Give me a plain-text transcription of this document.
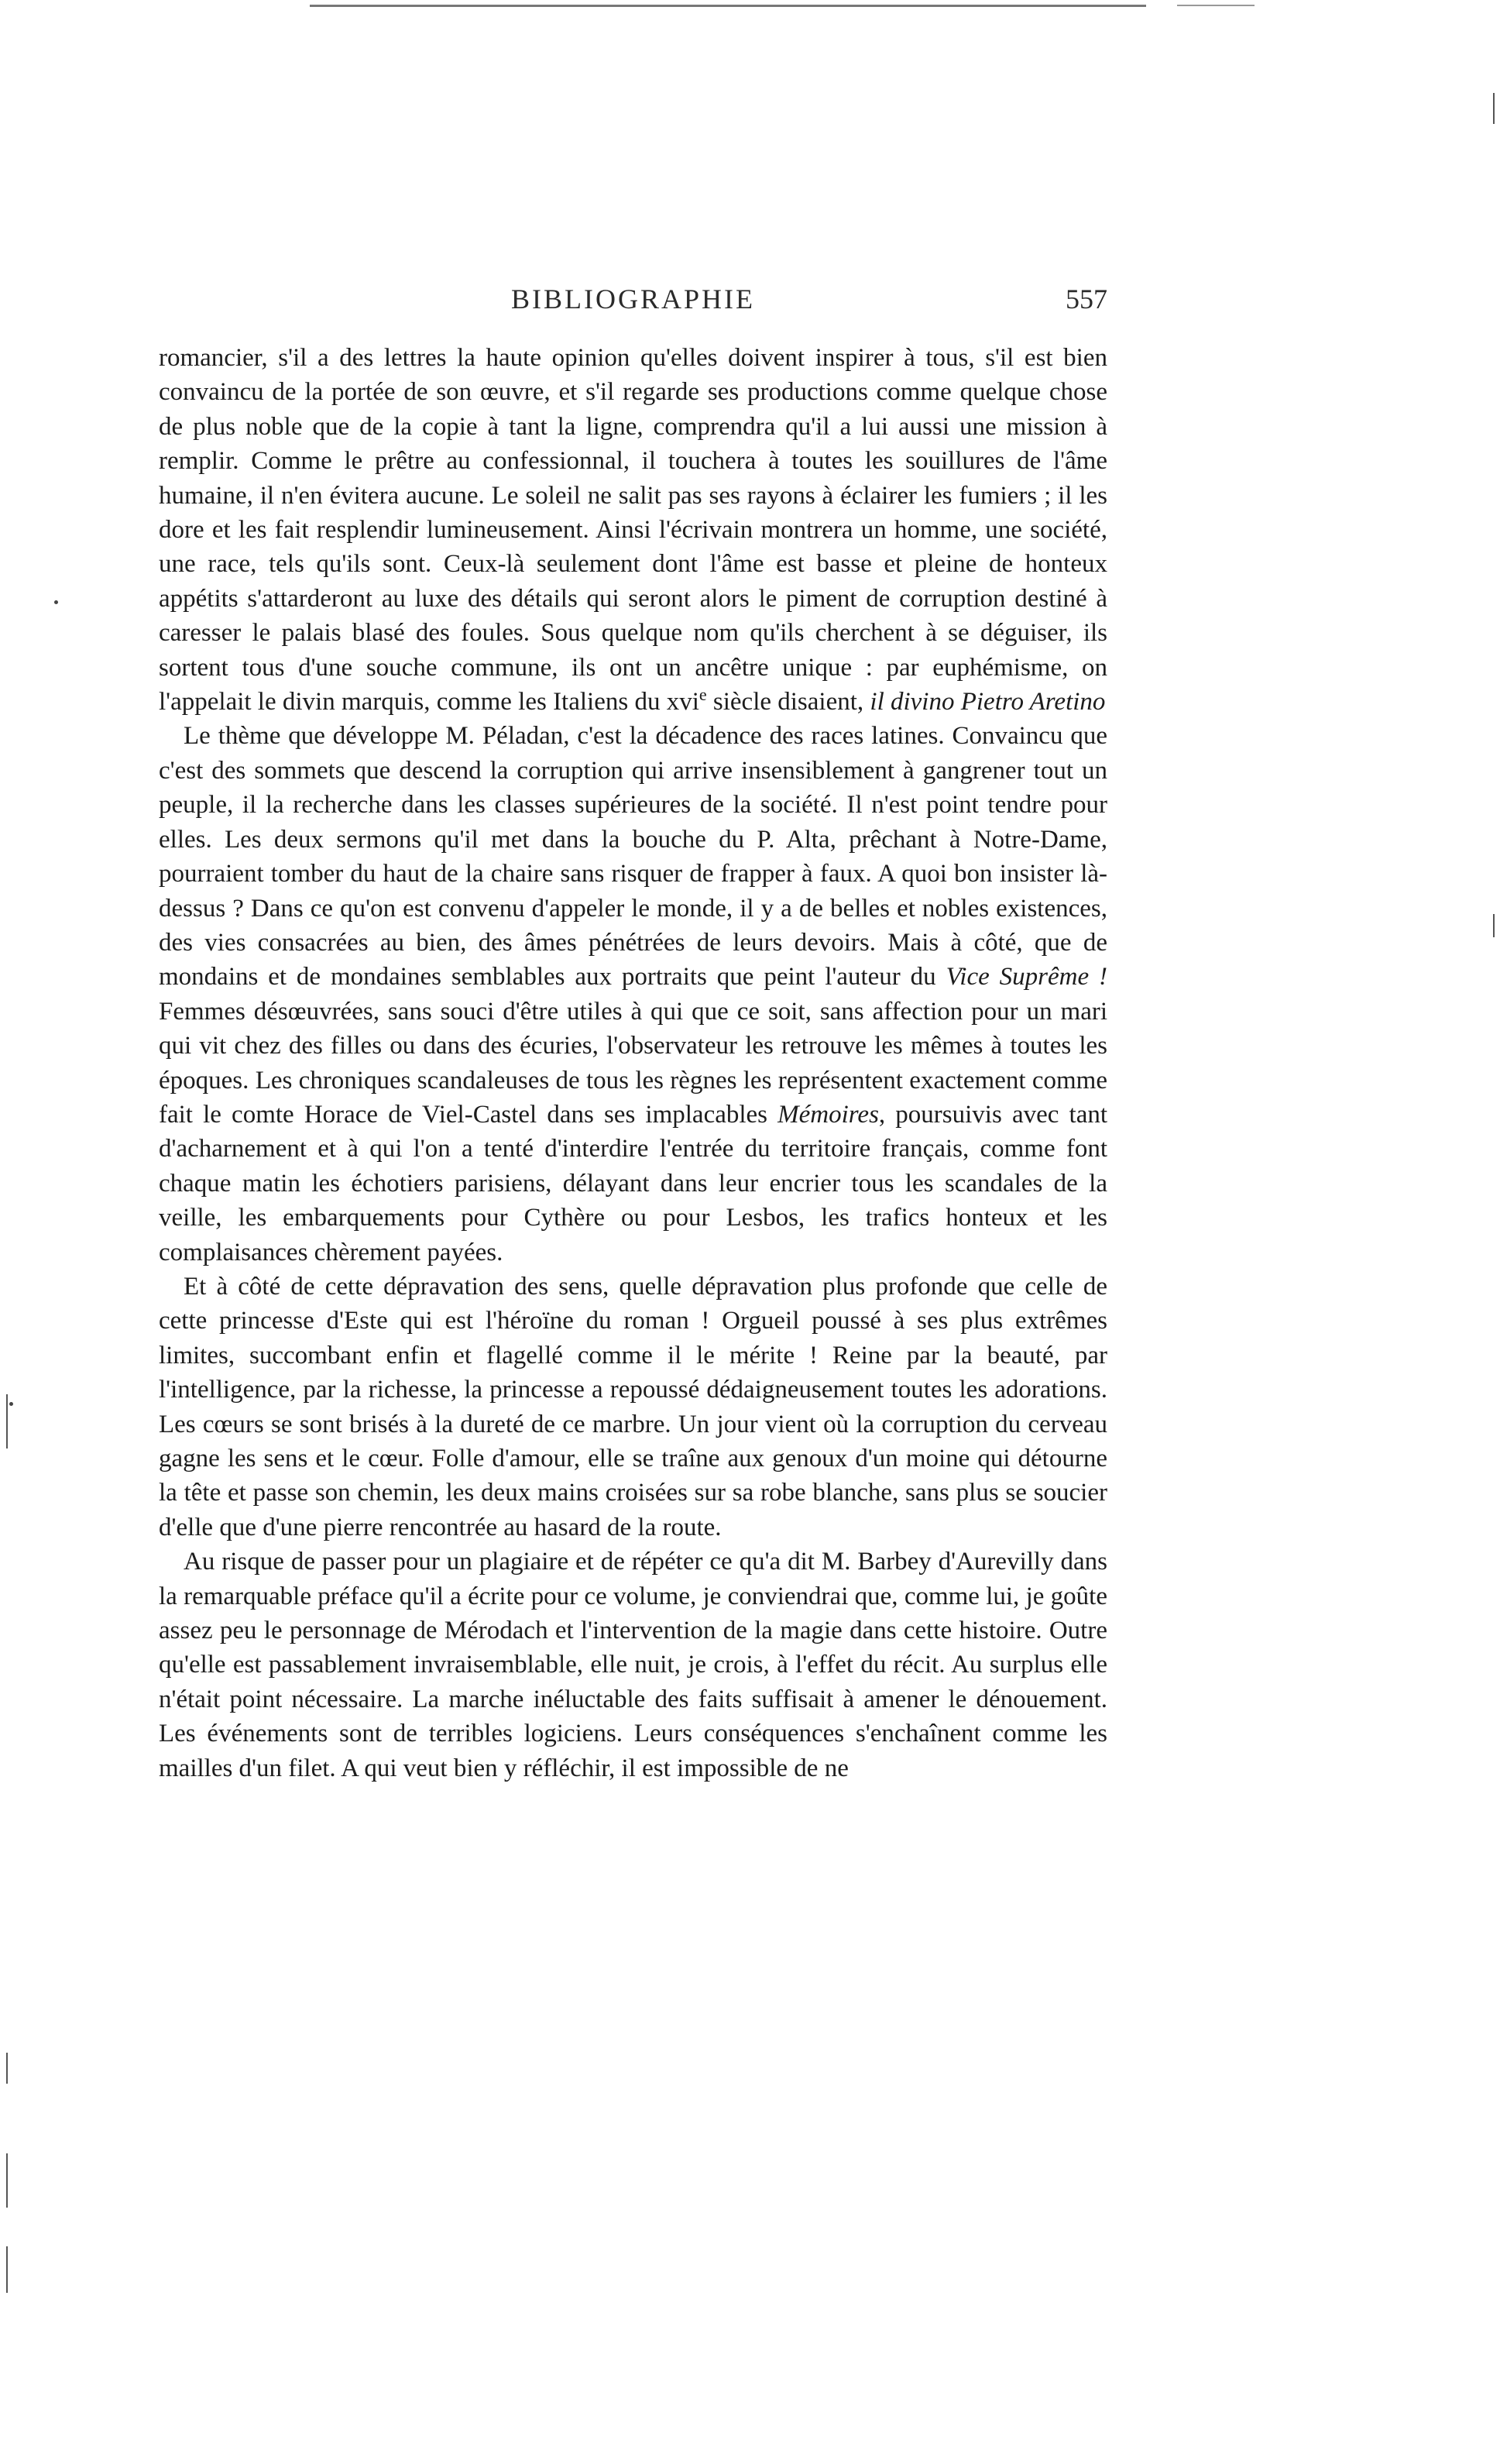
BIBLIOGRAPHIE	557

romancier, s'il a des lettres la haute opinion qu'elles doivent inspirer à tous, s'il est bien convaincu de la portée de son œuvre, et s'il regarde ses productions comme quelque chose de plus noble que de la copie à tant la ligne, comprendra qu'il a lui aussi une mission à remplir. Comme le prêtre au confessionnal, il touchera à toutes les souillures de l'âme humaine, il n'en évitera aucune. Le soleil ne salit pas ses rayons à éclairer les fumiers ; il les dore et les fait resplendir lumineusement. Ainsi l'écrivain montrera un homme, une société, une race, tels qu'ils sont. Ceux-là seulement dont l'âme est basse et pleine de honteux appétits s'attarderont au luxe des détails qui seront alors le piment de corruption destiné à caresser le palais blasé des foules. Sous quelque nom qu'ils cherchent à se déguiser, ils sortent tous d'une souche commune, ils ont un ancêtre unique : par euphémisme, on l'appelait le divin marquis, comme les Italiens du xvi$^e$ siècle disaient, il divino Pietro Aretino

Le thème que développe M. Péladan, c'est la décadence des races latines. Convaincu que c'est des sommets que descend la corruption qui arrive insensiblement à gangrener tout un peuple, il la recherche dans les classes supérieures de la société. Il n'est point tendre pour elles. Les deux sermons qu'il met dans la bouche du P. Alta, prêchant à Notre-Dame, pourraient tomber du haut de la chaire sans risquer de frapper à faux. A quoi bon insister là-dessus ? Dans ce qu'on est convenu d'appeler le monde, il y a de belles et nobles existences, des vies consacrées au bien, des âmes pénétrées de leurs devoirs. Mais à côté, que de mondains et de mondaines semblables aux portraits que peint l'auteur du Vice Suprême ! Femmes désœuvrées, sans souci d'être utiles à qui que ce soit, sans affection pour un mari qui vit chez des filles ou dans des écuries, l'observateur les retrouve les mêmes à toutes les époques. Les chroniques scandaleuses de tous les règnes les représentent exactement comme fait le comte Horace de Viel-Castel dans ses implacables Mémoires, poursuivis avec tant d'acharnement et à qui l'on a tenté d'interdire l'entrée du territoire français, comme font chaque matin les échotiers parisiens, délayant dans leur encrier tous les scandales de la veille, les embarquements pour Cythère ou pour Lesbos, les trafics honteux et les complaisances chèrement payées.

Et à côté de cette dépravation des sens, quelle dépravation plus profonde que celle de cette princesse d'Este qui est l'héroïne du roman ! Orgueil poussé à ses plus extrêmes limites, succombant enfin et flagellé comme il le mérite ! Reine par la beauté, par l'intelligence, par la richesse, la princesse a repoussé dédaigneusement toutes les adorations. Les cœurs se sont brisés à la dureté de ce marbre. Un jour vient où la corruption du cerveau gagne les sens et le cœur. Folle d'amour, elle se traîne aux genoux d'un moine qui détourne la tête et passe son chemin, les deux mains croisées sur sa robe blanche, sans plus se soucier d'elle que d'une pierre rencontrée au hasard de la route.

Au risque de passer pour un plagiaire et de répéter ce qu'a dit M. Barbey d'Aurevilly dans la remarquable préface qu'il a écrite pour ce volume, je conviendrai que, comme lui, je goûte assez peu le personnage de Mérodach et l'intervention de la magie dans cette histoire. Outre qu'elle est passablement invraisemblable, elle nuit, je crois, à l'effet du récit. Au surplus elle n'était point nécessaire. La marche inéluctable des faits suffisait à amener le dénouement. Les événements sont de terribles logiciens. Leurs conséquences s'enchaînent comme les mailles d'un filet. A qui veut bien y réfléchir, il est impossible de ne
